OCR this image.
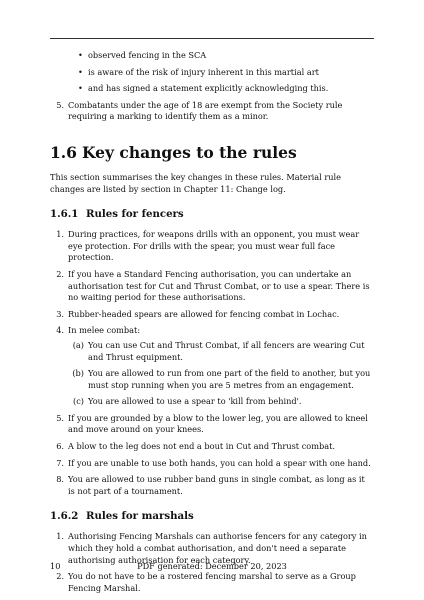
• observed fencing in the SCA
• is aware of the risk of injury inherent in this martial art
• and has signed a statement explicitly acknowledging this.
5. Combatants under the age of 18 are exempt from the Society rule requiring a marking to identify them as a minor.
1.6 Key changes to the rules

This section summarises the key changes in these rules. Material rule changes are listed by section in Chapter 11: Change log.

1.6.1 Rules for fencers
1. During practices, for weapons drills with an opponent, you must wear eye protection. For drills with the spear, you must wear full face protection.
2. If you have a Standard Fencing authorisation, you can undertake an authorisation test for Cut and Thrust Combat, or to use a spear. There is no waiting period for these authorisations.
3. Rubber-headed spears are allowed for fencing combat in Lochac.
4. In melee combat:
(a) You can use Cut and Thrust Combat, if all fencers are wearing Cut and Thrust equipment.
(b) You are allowed to run from one part of the field to another, but you must stop running when you are 5 metres from an engagement.
(c) You are allowed to use a spear to 'kill from behind'.
5. If you are grounded by a blow to the lower leg, you are allowed to kneel and move around on your knees.
6. A blow to the leg does not end a bout in Cut and Thrust combat.
7. If you are unable to use both hands, you can hold a spear with one hand.
8. You are allowed to use rubber band guns in single combat, as long as it is not part of a tournament.
1.6.2 Rules for marshals
1. Authorising Fencing Marshals can authorise fencers for any category in which they hold a combat authorisation, and don't need a separate authorising authorisation for each category.
2. You do not have to be a rostered fencing marshal to serve as a Group Fencing Marshal.
10	PDF generated: December 20, 2023
